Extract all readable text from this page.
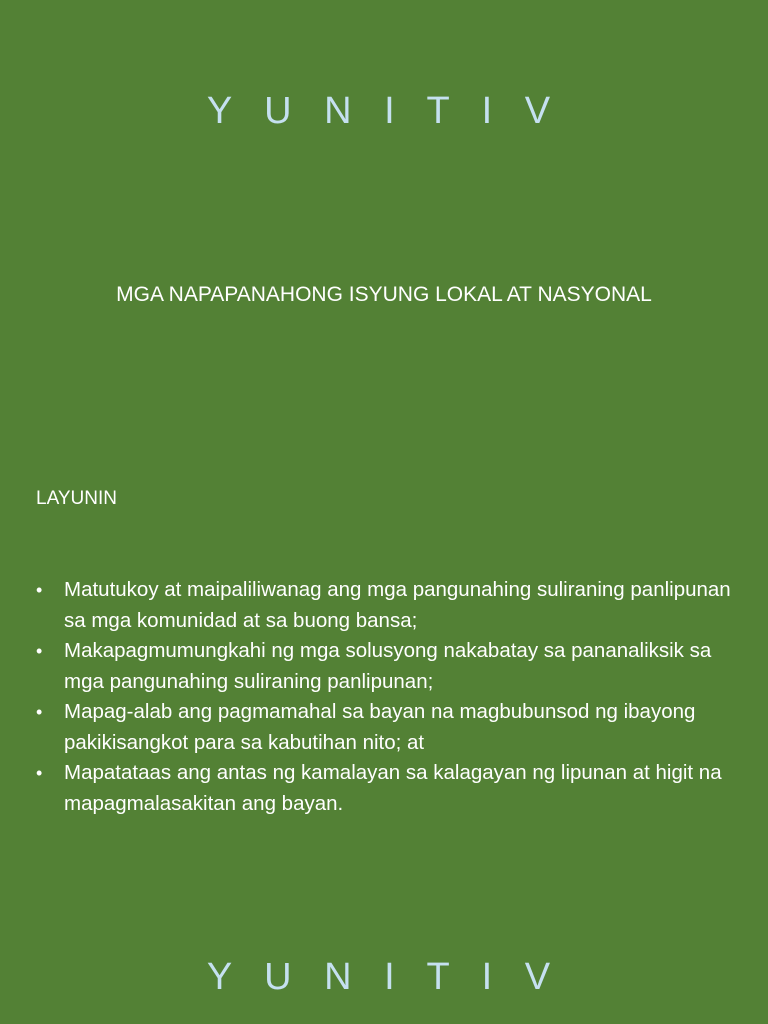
Y U N I T I V
MGA NAPAPANAHONG ISYUNG LOKAL AT NASYONAL
LAYUNIN
• Matutukoy at maipaliliwanag ang mga pangunahing suliraning panlipunan sa mga komunidad at sa buong bansa;
• Makapagmumungkahi ng mga solusyong nakabatay sa pananaliksik sa mga pangunahing suliraning panlipunan;
• Mapag-alab ang pagmamahal sa bayan na magbubunsod ng ibayong pakikisangkot para sa kabutihan nito; at
• Mapatataas ang antas ng kamalayan sa kalagayan ng lipunan at higit na mapagmalasakitan ang bayan.
Y U N I T I V
